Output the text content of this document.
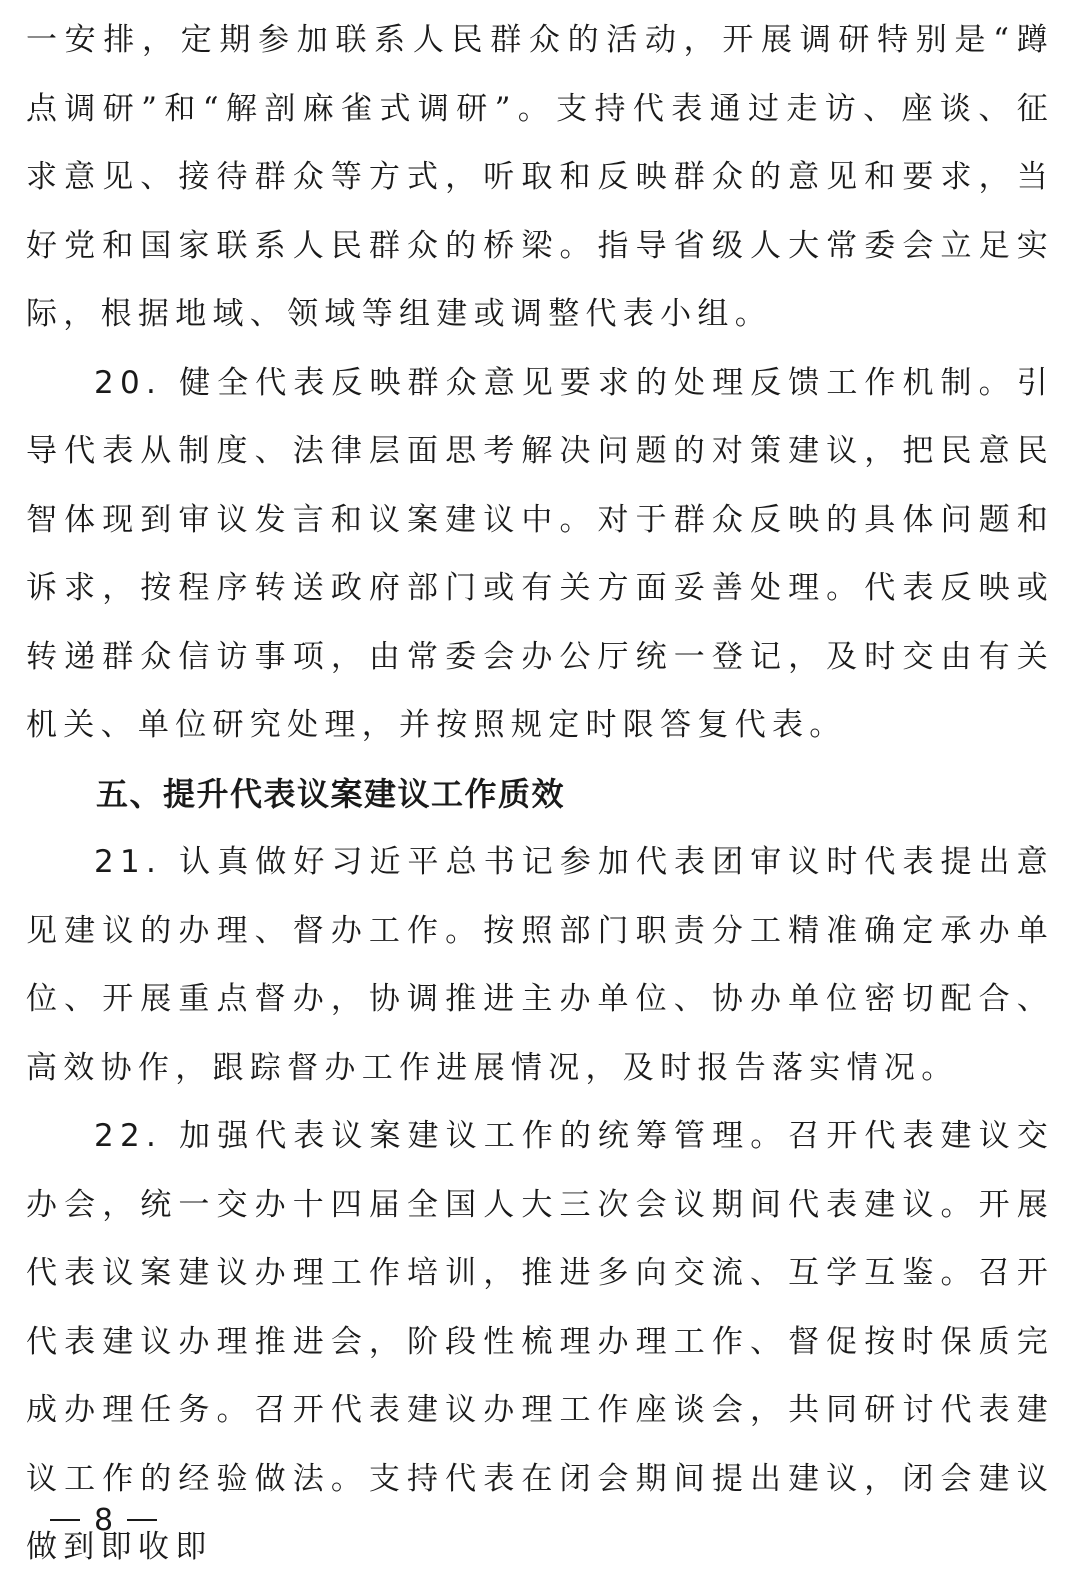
一安排，定期参加联系人民群众的活动，开展调研特别是“蹲点调研”和“解剖麻雀式调研”。支持代表通过走访、座谈、征求意见、接待群众等方式，听取和反映群众的意见和要求，当好党和国家联系人民群众的桥梁。指导省级人大常委会立足实际，根据地域、领域等组建或调整代表小组。

20. 健全代表反映群众意见要求的处理反馈工作机制。引导代表从制度、法律层面思考解决问题的对策建议，把民意民智体现到审议发言和议案建议中。对于群众反映的具体问题和诉求，按程序转送政府部门或有关方面妥善处理。代表反映或转递群众信访事项，由常委会办公厅统一登记，及时交由有关机关、单位研究处理，并按照规定时限答复代表。

五、提升代表议案建议工作质效

21. 认真做好习近平总书记参加代表团审议时代表提出意见建议的办理、督办工作。按照部门职责分工精准确定承办单位、开展重点督办，协调推进主办单位、协办单位密切配合、高效协作，跟踪督办工作进展情况，及时报告落实情况。

22. 加强代表议案建议工作的统筹管理。召开代表建议交办会，统一交办十四届全国人大三次会议期间代表建议。开展代表议案建议办理工作培训，推进多向交流、互学互鉴。召开代表建议办理推进会，阶段性梳理办理工作、督促按时保质完成办理任务。召开代表建议办理工作座谈会，共同研讨代表建议工作的经验做法。支持代表在闭会期间提出建议，闭会建议做到即收即

8
